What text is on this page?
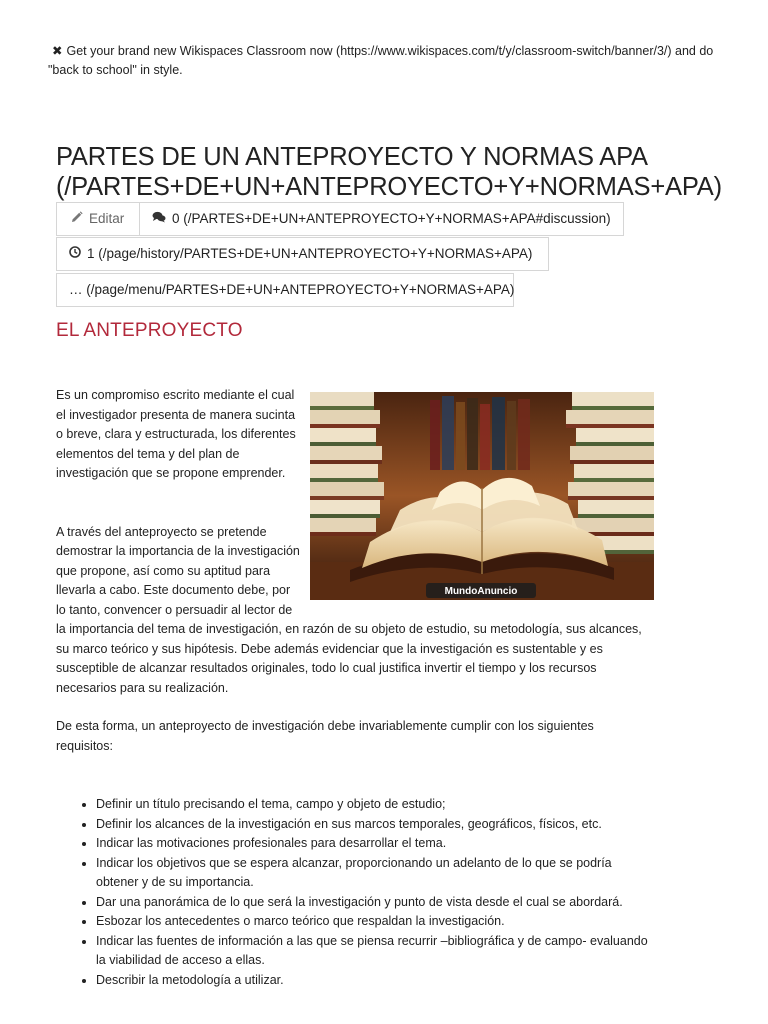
✖ Get your brand new Wikispaces Classroom now (https://www.wikispaces.com/t/y/classroom-switch/banner/3/) and do "back to school" in style.
PARTES DE UN ANTEPROYECTO Y NORMAS APA (/PARTES+DE+UN+ANTEPROYECTO+Y+NORMAS+APA)
Editar	0 (/PARTES+DE+UN+ANTEPROYECTO+Y+NORMAS+APA#discussion)
1 (/page/history/PARTES+DE+UN+ANTEPROYECTO+Y+NORMAS+APA)
… (/page/menu/PARTES+DE+UN+ANTEPROYECTO+Y+NORMAS+APA)
EL ANTEPROYECTO

MundoAnuncio
Es un compromiso escrito mediante el cual el investigador presenta de manera sucinta o breve, clara y estructurada, los diferentes elementos del tema y del plan de investigación que se propone emprender.

A través del anteproyecto se pretende demostrar la importancia de la investigación que propone, así como su aptitud para llevarla a cabo. Este documento debe, por lo tanto, convencer o persuadir al lector de la importancia del tema de investigación, en razón de su objeto de estudio, su metodología, sus alcances, su marco teórico y sus hipótesis. Debe además evidenciar que la investigación es sustentable y es susceptible de alcanzar resultados originales, todo lo cual justifica invertir el tiempo y los recursos necesarios para su realización.

De esta forma, un anteproyecto de investigación debe invariablemente cumplir con los siguientes requisitos:

• Definir un título precisando el tema, campo y objeto de estudio;
• Definir los alcances de la investigación en sus marcos temporales, geográficos, físicos, etc.
• Indicar las motivaciones profesionales para desarrollar el tema.
• Indicar los objetivos que se espera alcanzar, proporcionando un adelanto de lo que se podría obtener y de su importancia.
• Dar una panorámica de lo que será la investigación y punto de vista desde el cual se abordará.
• Esbozar los antecedentes o marco teórico que respaldan la investigación.
• Indicar las fuentes de información a las que se piensa recurrir –bibliográfica y de campo- evaluando la viabilidad de acceso a ellas.
• Describir la metodología a utilizar.
